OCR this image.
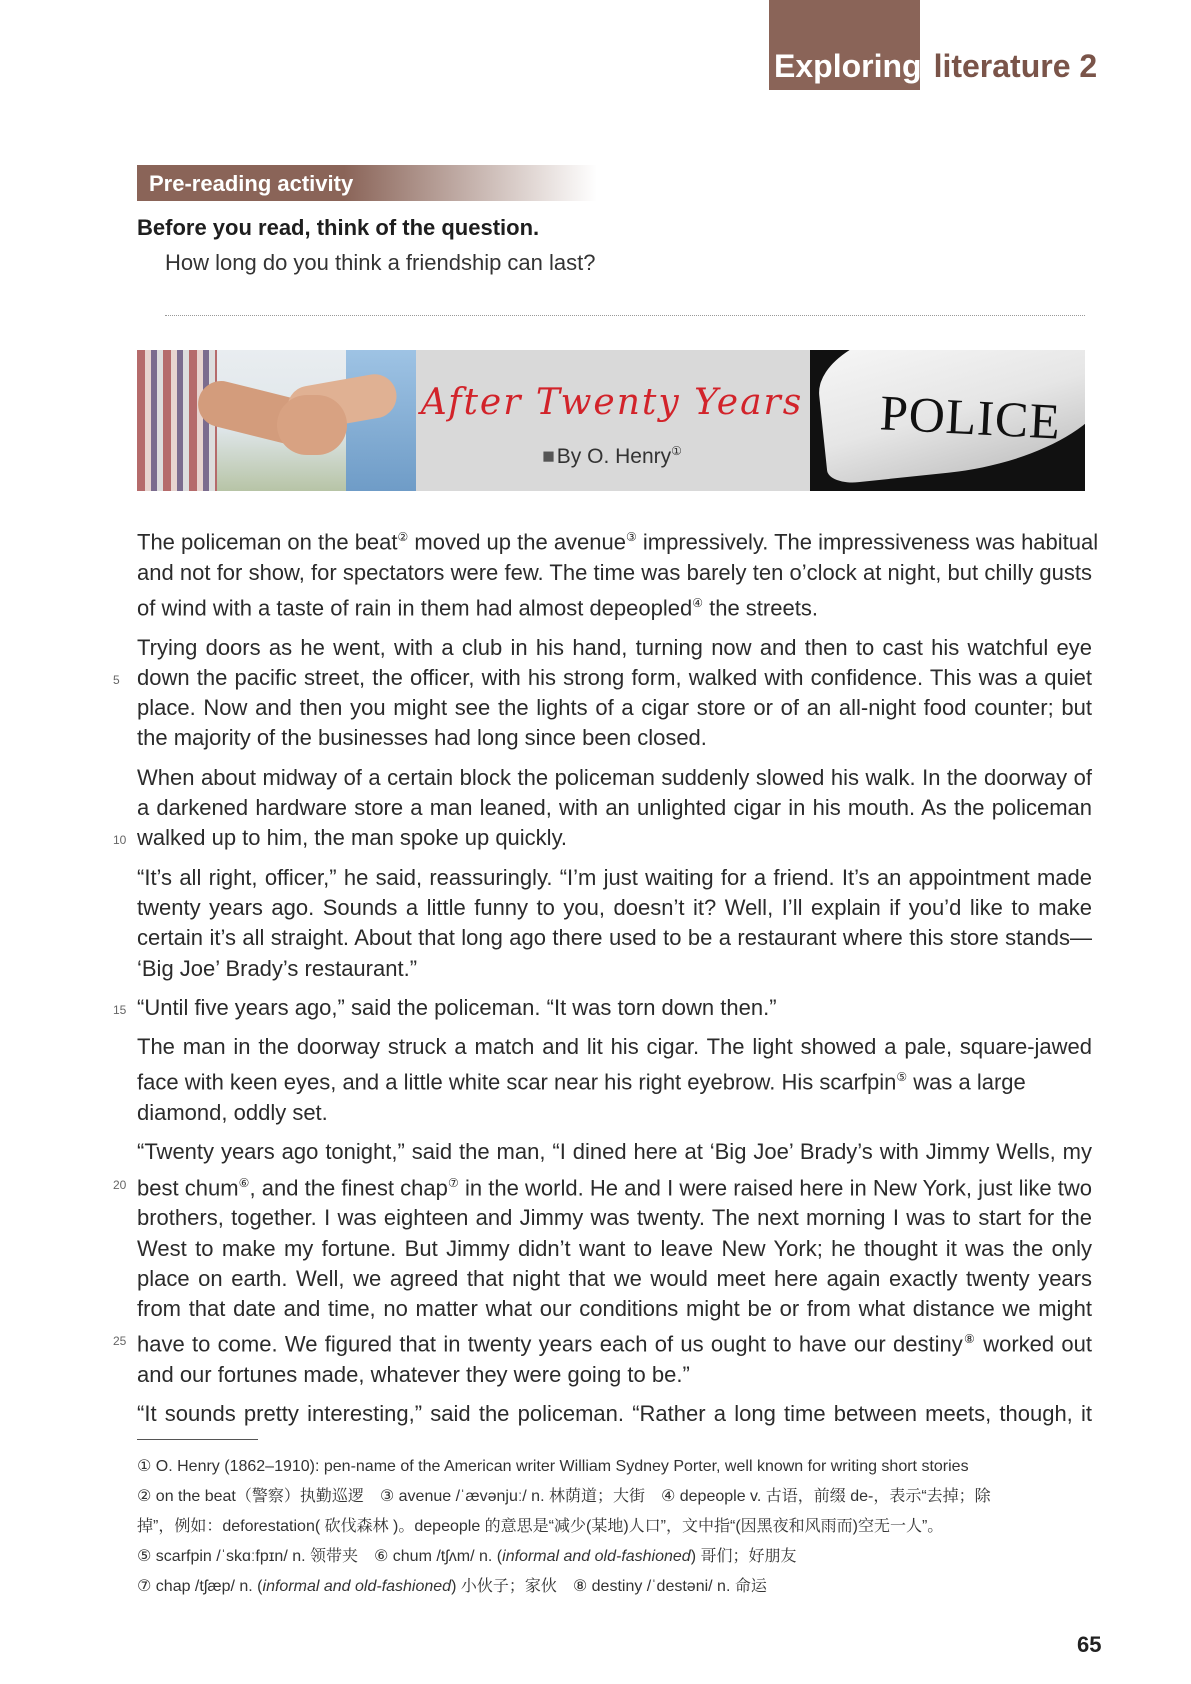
Exploring literature 2
Pre-reading activity
Before you read, think of the question.
How long do you think a friendship can last?
After Twenty Years
■By O. Henry①
POLICE
The policeman on the beat② moved up the avenue③ impressively. The impressiveness was habitual
and not for show, for spectators were few. The time was barely ten o’clock at night, but chilly gusts
of wind with a taste of rain in them had almost depeopled④ the streets.
Trying doors as he went, with a club in his hand, turning now and then to cast his watchful eye
5 down the pacific street, the officer, with his strong form, walked with confidence. This was a quiet
place. Now and then you might see the lights of a cigar store or of an all-night food counter; but
the majority of the businesses had long since been closed.
When about midway of a certain block the policeman suddenly slowed his walk. In the doorway of
a darkened hardware store a man leaned, with an unlighted cigar in his mouth. As the policeman
10 walked up to him, the man spoke up quickly.
“It’s all right, officer,” he said, reassuringly. “I’m just waiting for a friend. It’s an appointment made
twenty years ago. Sounds a little funny to you, doesn’t it? Well, I’ll explain if you’d like to make
certain it’s all straight. About that long ago there used to be a restaurant where this store stands—
‘Big Joe’ Brady’s restaurant.”
15 “Until five years ago,” said the policeman. “It was torn down then.”
The man in the doorway struck a match and lit his cigar. The light showed a pale, square-jawed
face with keen eyes, and a little white scar near his right eyebrow. His scarfpin⑤ was a large
diamond, oddly set.
“Twenty years ago tonight,” said the man, “I dined here at ‘Big Joe’ Brady’s with Jimmy Wells, my
20 best chum⑥, and the finest chap⑦ in the world. He and I were raised here in New York, just like two
brothers, together. I was eighteen and Jimmy was twenty. The next morning I was to start for the
West to make my fortune. But Jimmy didn’t want to leave New York; he thought it was the only
place on earth. Well, we agreed that night that we would meet here again exactly twenty years
from that date and time, no matter what our conditions might be or from what distance we might
25 have to come. We figured that in twenty years each of us ought to have our destiny⑧ worked out
and our fortunes made, whatever they were going to be.”
“It sounds pretty interesting,” said the policeman. “Rather a long time between meets, though, it
① O. Henry (1862–1910): pen-name of the American writer William Sydney Porter, well known for writing short stories
② on the beat（警察）执勤巡逻　③ avenue /ˈævənjuː/ n. 林荫道；大街　④ depeople v. 古语，前缀 de-，表示“去掉；除
掉”，例如：deforestation( 砍伐森林 )。depeople 的意思是“减少(某地)人口”，文中指“(因黑夜和风雨而)空无一人”。
⑤ scarfpin /ˈskɑːfpɪn/ n. 领带夹　⑥ chum /tʃʌm/ n. (informal and old-fashioned) 哥们；好朋友
⑦ chap /tʃæp/ n. (informal and old-fashioned) 小伙子；家伙　⑧ destiny /ˈdestəni/ n. 命运
65
